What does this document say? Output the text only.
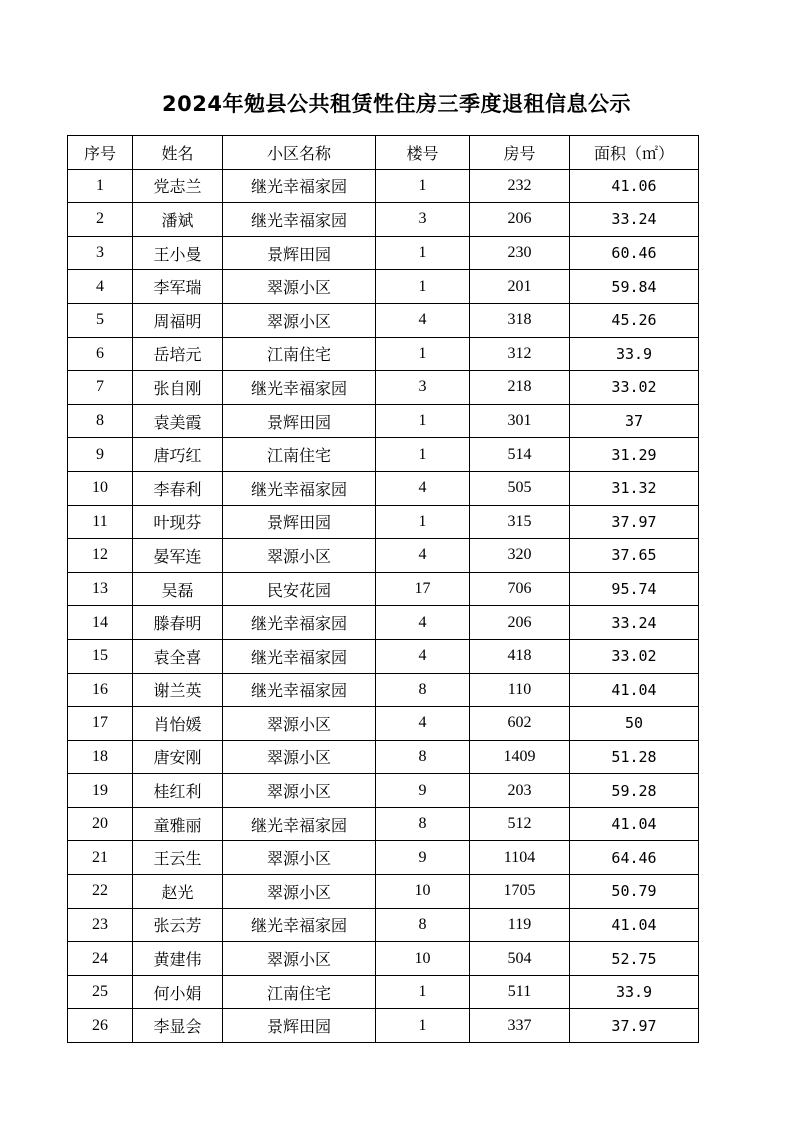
2024年勉县公共租赁性住房三季度退租信息公示
序号	姓名	小区名称	楼号	房号	面积（㎡）
1	党志兰	继光幸福家园	1	232	41.06
2	潘斌	继光幸福家园	3	206	33.24
3	王小曼	景辉田园	1	230	60.46
4	李军瑞	翠源小区	1	201	59.84
5	周福明	翠源小区	4	318	45.26
6	岳培元	江南住宅	1	312	33.9
7	张自刚	继光幸福家园	3	218	33.02
8	袁美霞	景辉田园	1	301	37
9	唐巧红	江南住宅	1	514	31.29
10	李春利	继光幸福家园	4	505	31.32
11	叶现芬	景辉田园	1	315	37.97
12	晏军连	翠源小区	4	320	37.65
13	吴磊	民安花园	17	706	95.74
14	滕春明	继光幸福家园	4	206	33.24
15	袁全喜	继光幸福家园	4	418	33.02
16	谢兰英	继光幸福家园	8	110	41.04
17	肖怡媛	翠源小区	4	602	50
18	唐安刚	翠源小区	8	1409	51.28
19	桂红利	翠源小区	9	203	59.28
20	童雅丽	继光幸福家园	8	512	41.04
21	王云生	翠源小区	9	1104	64.46
22	赵光	翠源小区	10	1705	50.79
23	张云芳	继光幸福家园	8	119	41.04
24	黄建伟	翠源小区	10	504	52.75
25	何小娟	江南住宅	1	511	33.9
26	李显会	景辉田园	1	337	37.97
